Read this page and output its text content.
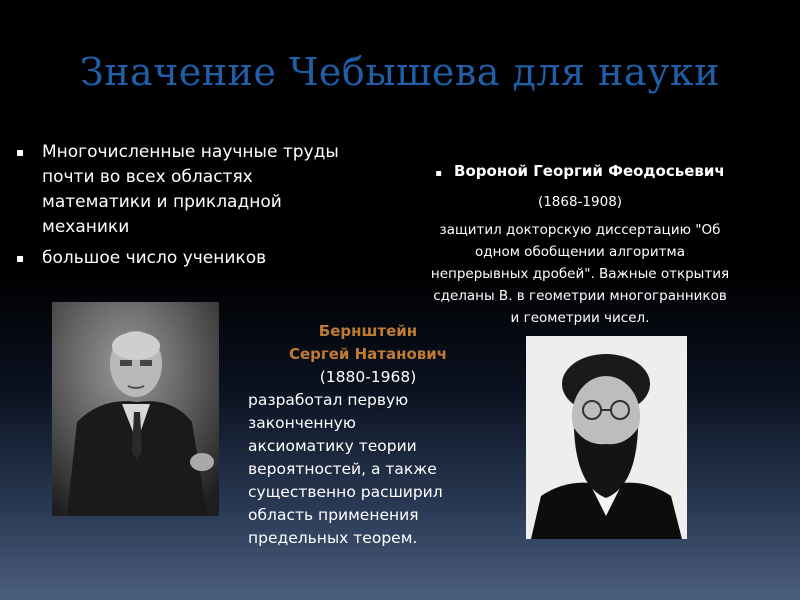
Значение Чебышева для науки
▪ Многочисленные научные труды почти во всех областях математики и прикладной механики
▪ большое число учеников
Бернштейн Сергей Натанович
(1880-1968)
разработал первую законченную аксиоматику теории вероятностей, а также существенно расширил область применения предельных теорем.
▪ Вороной Георгий Феодосьевич
(1868-1908)
защитил докторскую диссертацию "Об одном обобщении алгоритма непрерывных дробей". Важные открытия сделаны В. в геометрии многогранников и геометрии чисел.
